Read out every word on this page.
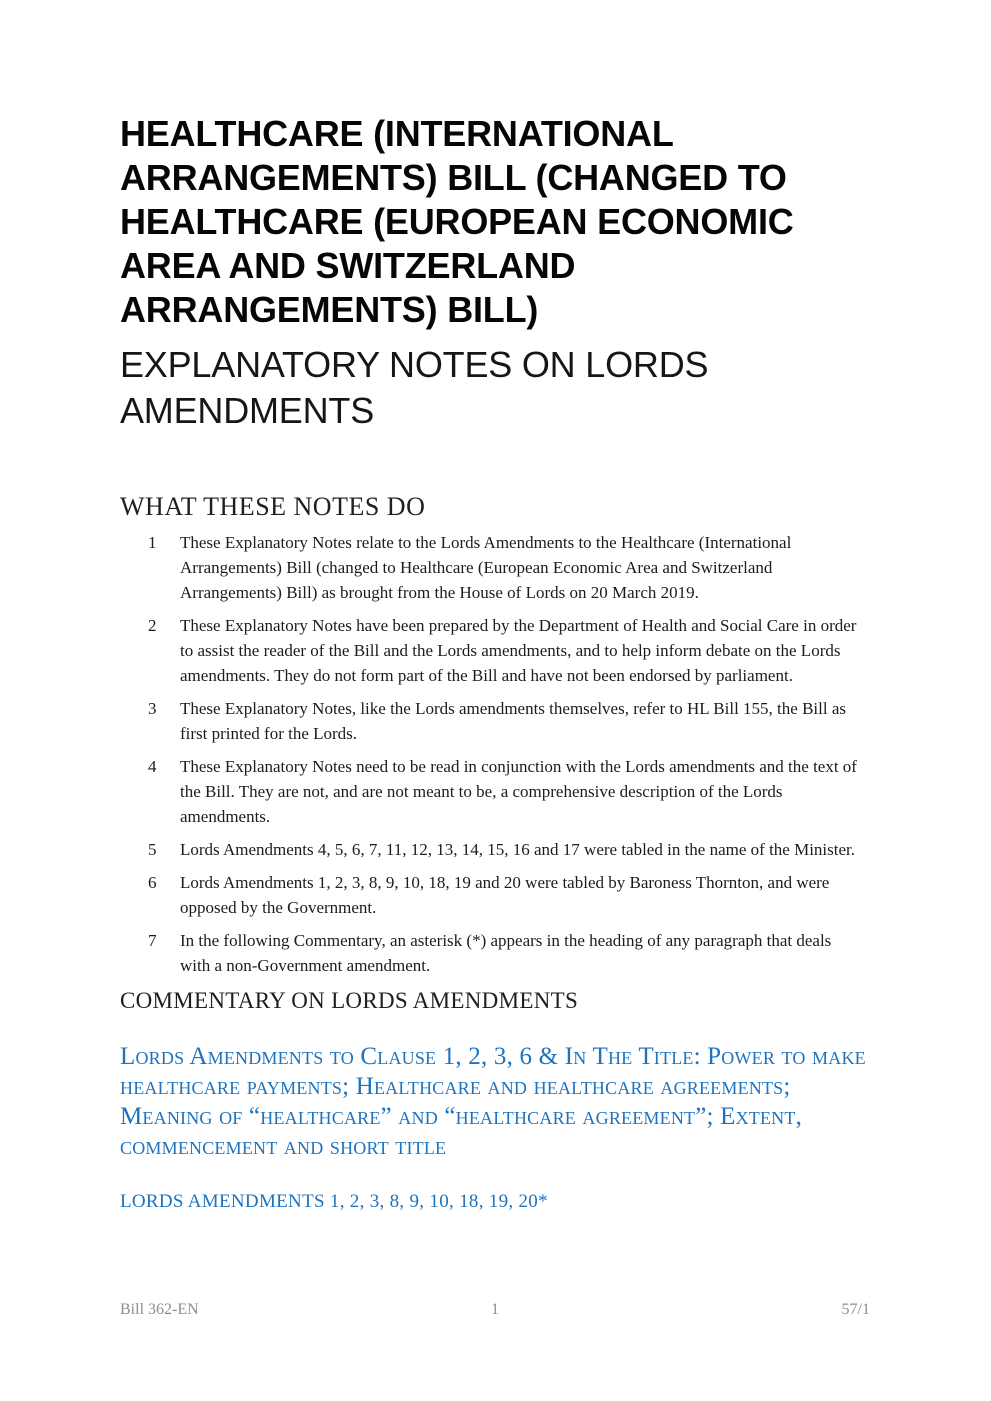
HEALTHCARE (INTERNATIONAL ARRANGEMENTS) BILL (CHANGED TO HEALTHCARE (EUROPEAN ECONOMIC AREA AND SWITZERLAND ARRANGEMENTS) BILL)
EXPLANATORY NOTES ON LORDS AMENDMENTS
WHAT THESE NOTES DO
1	These Explanatory Notes relate to the Lords Amendments to the Healthcare (International Arrangements) Bill (changed to Healthcare (European Economic Area and Switzerland Arrangements) Bill) as brought from the House of Lords on 20 March 2019.
2	These Explanatory Notes have been prepared by the Department of Health and Social Care in order to assist the reader of the Bill and the Lords amendments, and to help inform debate on the Lords amendments. They do not form part of the Bill and have not been endorsed by parliament.
3	These Explanatory Notes, like the Lords amendments themselves, refer to HL Bill 155, the Bill as first printed for the Lords.
4	These Explanatory Notes need to be read in conjunction with the Lords amendments and the text of the Bill. They are not, and are not meant to be, a comprehensive description of the Lords amendments.
5	Lords Amendments 4, 5, 6, 7, 11, 12, 13, 14, 15, 16 and 17 were tabled in the name of the Minister.
6	Lords Amendments 1, 2, 3, 8, 9, 10, 18, 19 and 20 were tabled by Baroness Thornton, and were opposed by the Government.
7	In the following Commentary, an asterisk (*) appears in the heading of any paragraph that deals with a non-Government amendment.
COMMENTARY ON LORDS AMENDMENTS

Lords Amendments to Clause 1, 2, 3, 6 & In The Title: Power to make healthcare payments; Healthcare and healthcare agreements; Meaning of “healthcare” and “healthcare agreement”; Extent, commencement and short title

LORDS AMENDMENTS 1, 2, 3, 8, 9, 10, 18, 19, 20*

Bill 362-EN	1	57/1
